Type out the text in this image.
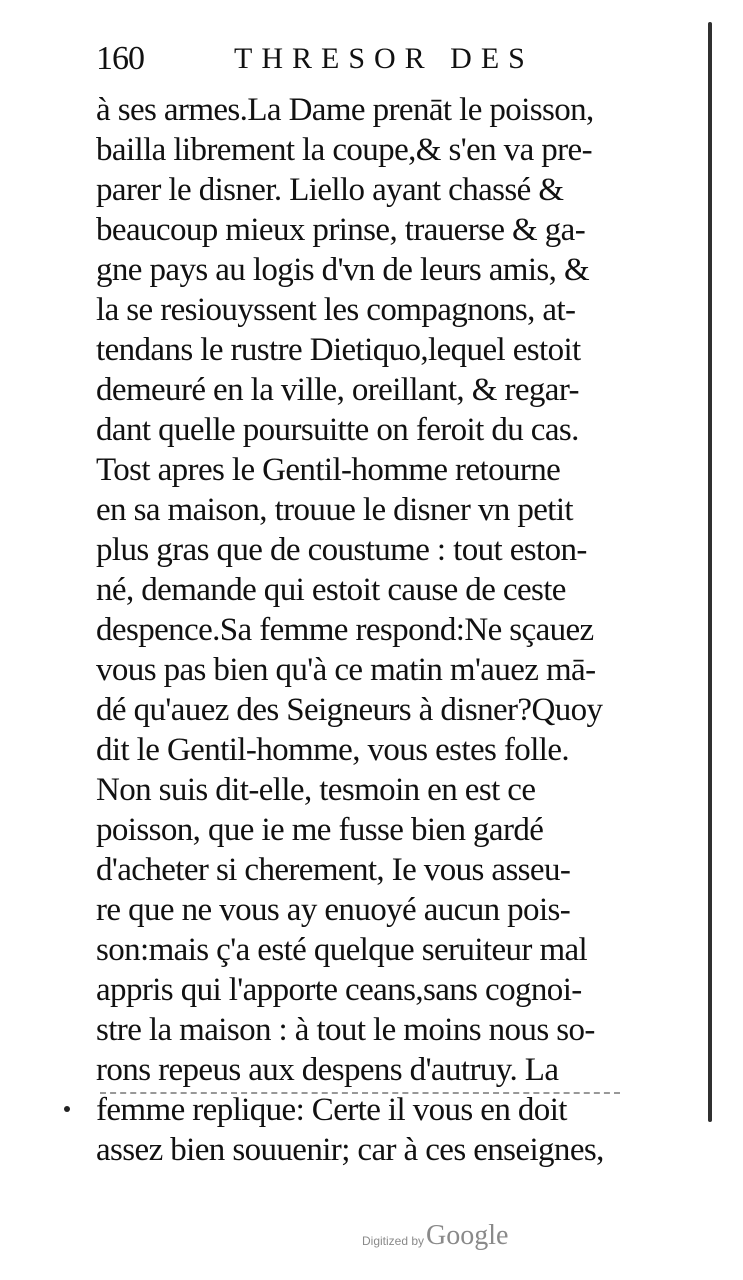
160	THRESOR DES
à ses armes.La Dame prenāt le poisson,
bailla librement la coupe,& s'en va pre-
parer le disner. Liello ayant chassé &
beaucoup mieux prinse, trauerse & ga-
gne pays au logis d'vn de leurs amis, &
la se resiouyssent les compagnons, at-
tendans le rustre Dietiquo,lequel estoit
demeuré en la ville, oreillant, & regar-
dant quelle poursuitte on feroit du cas.
Tost apres le Gentil-homme retourne
en sa maison, trouue le disner vn petit
plus gras que de coustume : tout eston-
né, demande qui estoit cause de ceste
despence.Sa femme respond:Ne sçauez
vous pas bien qu'à ce matin m'auez mā-
dé qu'auez des Seigneurs à disner?Quoy
dit le Gentil-homme, vous estes folle.
Non suis dit-elle, tesmoin en est ce
poisson, que ie me fusse bien gardé
d'acheter si cherement, Ie vous asseu-
re que ne vous ay enuoyé aucun pois-
son:mais ç'a esté quelque seruiteur mal
appris qui l'apporte ceans,sans cognoi-
stre la maison : à tout le moins nous so-
rons repeus aux despens d'autruy. La
femme replique: Certe il vous en doit
assez bien souuenir; car à ces enseignes,
Digitized by Google
